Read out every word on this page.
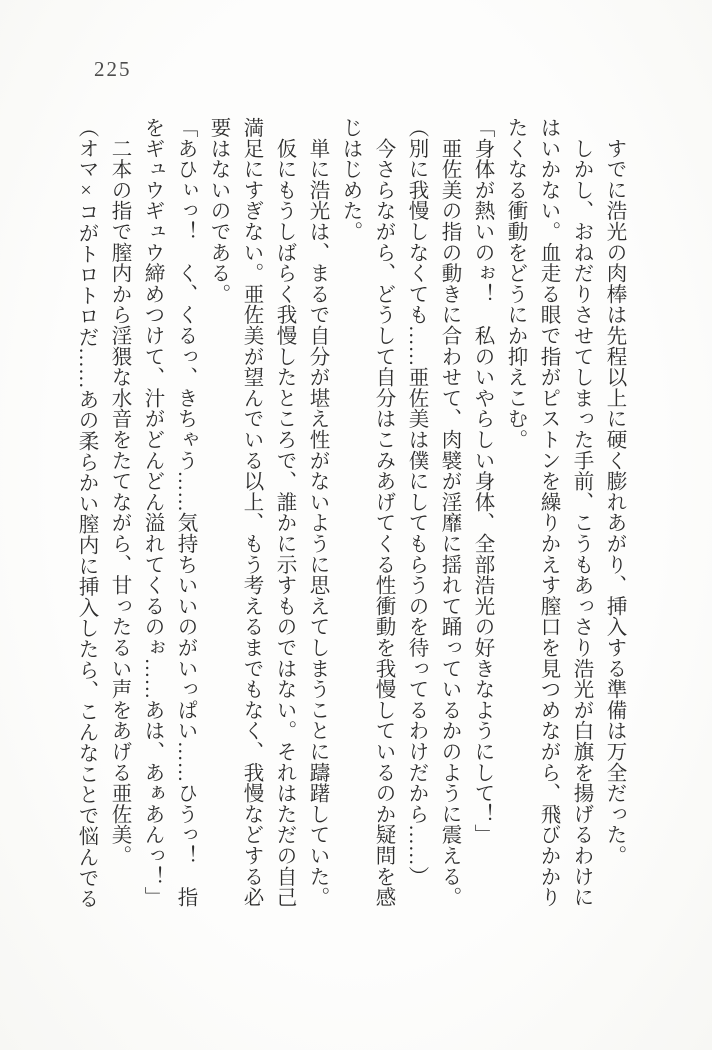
225

　すでに浩光の肉棒は先程以上に硬く膨れあがり、挿入する準備は万全だった。

　しかし、おねだりさせてしまった手前、こうもあっさり浩光が白旗を揚げるわけに

はいかない。血走る眼で指がピストンを繰りかえす膣口を見つめながら、飛びかかり

たくなる衝動をどうにか抑えこむ。

「身体が熱いのぉ！　私のいやらしい身体、全部浩光の好きなようにして！」

　亜佐美の指の動きに合わせて、肉襞が淫靡に揺れて踊っているかのように震える。

（別に我慢しなくても……亜佐美は僕にしてもらうのを待ってるわけだから……）

　今さらながら、どうして自分はこみあげてくる性衝動を我慢しているのか疑問を感

じはじめた。

　単に浩光は、まるで自分が堪え性がないように思えてしまうことに躊躇していた。

　仮にもうしばらく我慢したところで、誰かに示すものではない。それはただの自己

満足にすぎない。亜佐美が望んでいる以上、もう考えるまでもなく、我慢などする必

要はないのである。

「あひぃっ！　く、くるっ、きちゃう……気持ちいいのがいっぱい……ひうっ！　指

をギュウギュウ締めつけて、汁がどんどん溢れてくるのぉ……あは、あぁあんっ！」

　二本の指で膣内から淫猥な水音をたてながら、甘ったるい声をあげる亜佐美。

（オマ×コがトロトロだ……あの柔らかい膣内に挿入したら、こんなことで悩んでる
